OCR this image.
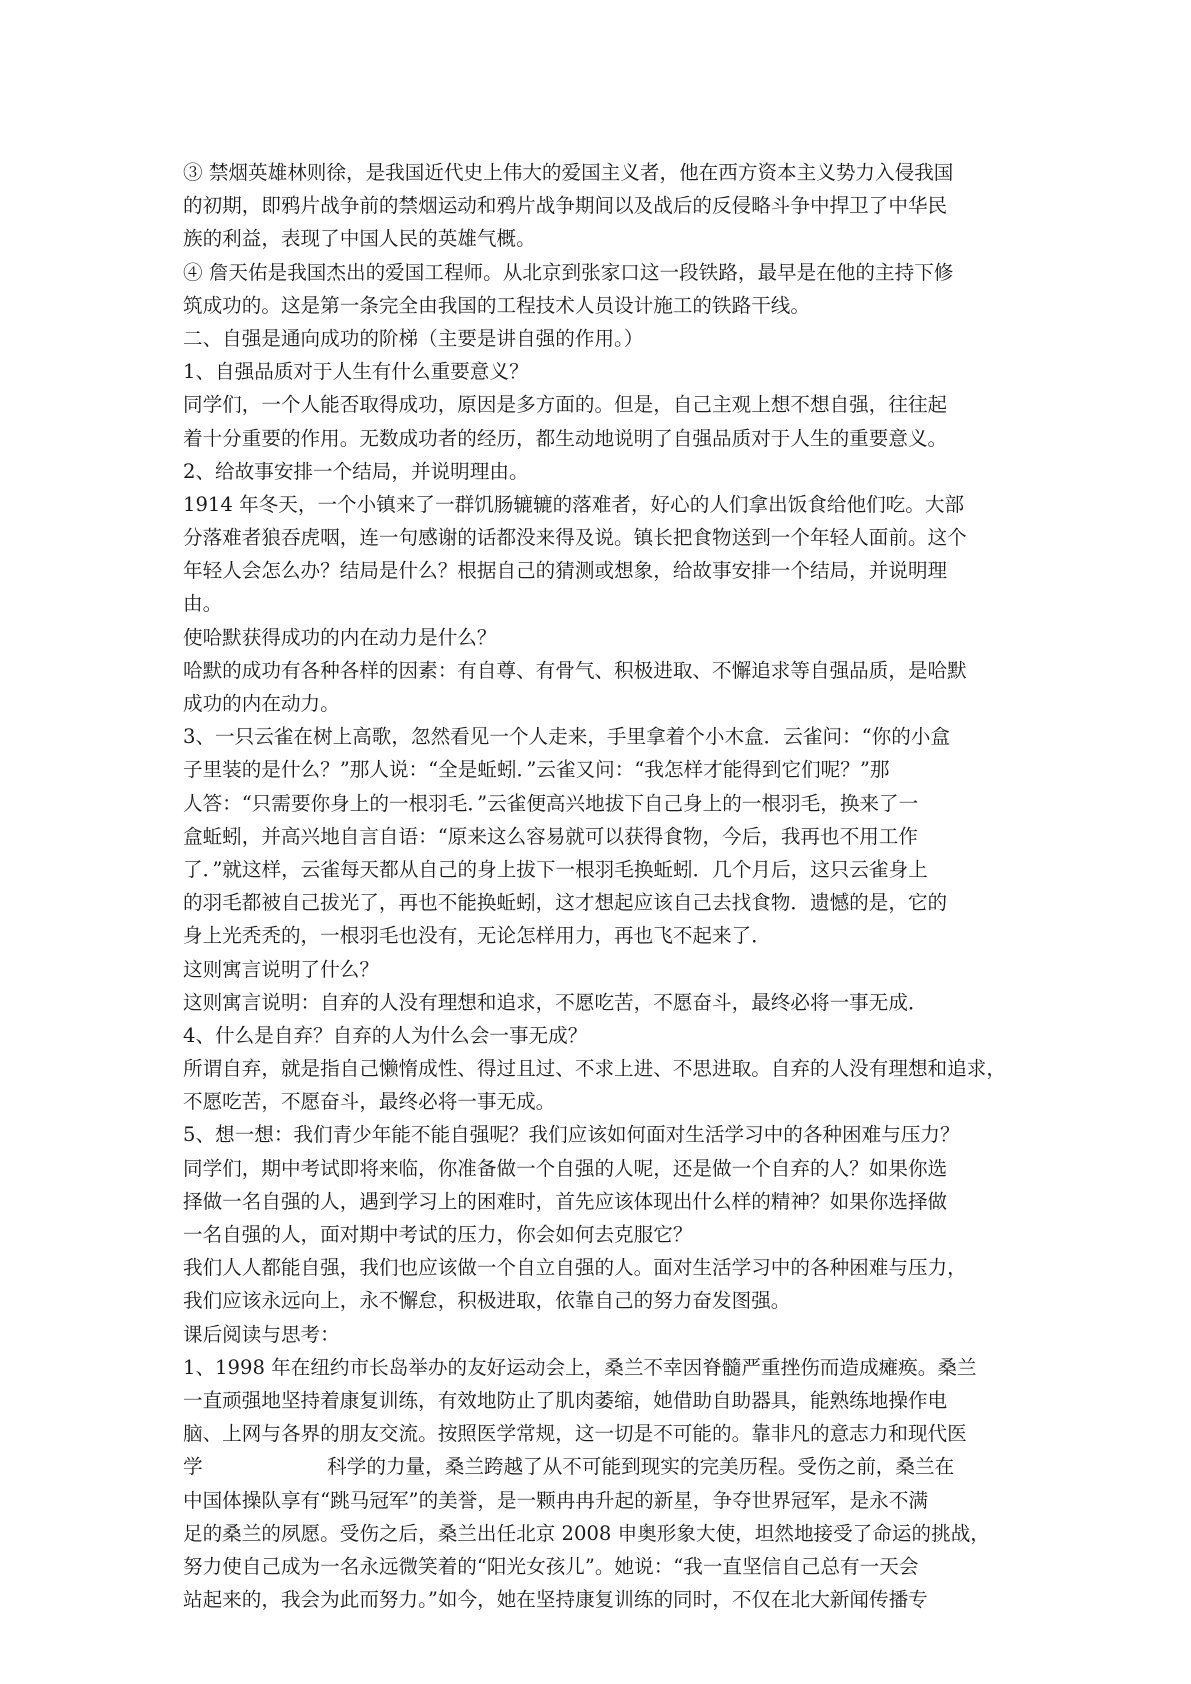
③ 禁烟英雄林则徐，是我国近代史上伟大的爱国主义者，他在西方资本主义势力入侵我国
的初期，即鸦片战争前的禁烟运动和鸦片战争期间以及战后的反侵略斗争中捍卫了中华民
族的利益，表现了中国人民的英雄气概。
④ 詹天佑是我国杰出的爱国工程师。从北京到张家口这一段铁路，最早是在他的主持下修
筑成功的。这是第一条完全由我国的工程技术人员设计施工的铁路干线。
二、自强是通向成功的阶梯（主要是讲自强的作用。）
1、自强品质对于人生有什么重要意义？
同学们，一个人能否取得成功，原因是多方面的。但是，自己主观上想不想自强，往往起
着十分重要的作用。无数成功者的经历，都生动地说明了自强品质对于人生的重要意义。
2、给故事安排一个结局，并说明理由。
1914 年冬天，一个小镇来了一群饥肠辘辘的落难者，好心的人们拿出饭食给他们吃。大部
分落难者狼吞虎咽，连一句感谢的话都没来得及说。镇长把食物送到一个年轻人面前。这个
年轻人会怎么办？结局是什么？根据自己的猜测或想象，给故事安排一个结局，并说明理
由。
使哈默获得成功的内在动力是什么？
哈默的成功有各种各样的因素：有自尊、有骨气、积极进取、不懈追求等自强品质，是哈默
成功的内在动力。
3、一只云雀在树上高歌，忽然看见一个人走来，手里拿着个小木盒．云雀问：“你的小盒
子里装的是什么？”那人说：“全是蚯蚓．”云雀又问：“我怎样才能得到它们呢？”那
人答：“只需要你身上的一根羽毛．”云雀便高兴地拔下自己身上的一根羽毛，换来了一
盒蚯蚓，并高兴地自言自语：“原来这么容易就可以获得食物，今后，我再也不用工作
了．”就这样，云雀每天都从自己的身上拔下一根羽毛换蚯蚓．几个月后，这只云雀身上
的羽毛都被自己拔光了，再也不能换蚯蚓，这才想起应该自己去找食物．遗憾的是，它的
身上光秃秃的，一根羽毛也没有，无论怎样用力，再也飞不起来了．
这则寓言说明了什么？
这则寓言说明：自弃的人没有理想和追求，不愿吃苦，不愿奋斗，最终必将一事无成．
4、什么是自弃？自弃的人为什么会一事无成？
所谓自弃，就是指自己懒惰成性、得过且过、不求上进、不思进取。自弃的人没有理想和追求，
不愿吃苦，不愿奋斗，最终必将一事无成。
5、想一想：我们青少年能不能自强呢？我们应该如何面对生活学习中的各种困难与压力？
同学们，期中考试即将来临，你准备做一个自强的人呢，还是做一个自弃的人？如果你选
择做一名自强的人，遇到学习上的困难时，首先应该体现出什么样的精神？如果你选择做
一名自强的人，面对期中考试的压力，你会如何去克服它？
我们人人都能自强，我们也应该做一个自立自强的人。面对生活学习中的各种困难与压力，
我们应该永远向上，永不懈怠，积极进取，依靠自己的努力奋发图强。
课后阅读与思考：
1、1998 年在纽约市长岛举办的友好运动会上，桑兰不幸因脊髓严重挫伤而造成瘫痪。桑兰
一直顽强地坚持着康复训练，有效地防止了肌肉萎缩，她借助自助器具，能熟练地操作电
脑、上网与各界的朋友交流。按照医学常规，这一切是不可能的。靠非凡的意志力和现代医
学                    科学的力量，桑兰跨越了从不可能到现实的完美历程。受伤之前，桑兰在
中国体操队享有“跳马冠军”的美誉，是一颗冉冉升起的新星，争夺世界冠军，是永不满
足的桑兰的夙愿。受伤之后，桑兰出任北京 2008 申奥形象大使，坦然地接受了命运的挑战，
努力使自己成为一名永远微笑着的“阳光女孩儿”。她说：“我一直坚信自己总有一天会
站起来的，我会为此而努力。”如今，她在坚持康复训练的同时，不仅在北大新闻传播专
